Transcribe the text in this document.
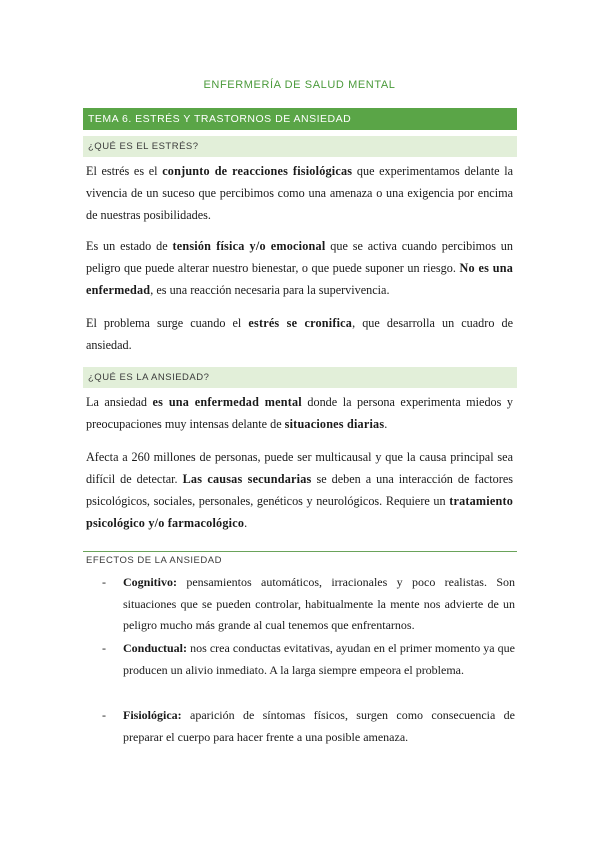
ENFERMERÍA DE SALUD MENTAL
TEMA 6. ESTRÉS Y TRASTORNOS DE ANSIEDAD
¿QUÉ ES EL ESTRÉS?

El estrés es el conjunto de reacciones fisiológicas que experimentamos delante la vivencia de un suceso que percibimos como una amenaza o una exigencia por encima de nuestras posibilidades.

Es un estado de tensión física y/o emocional que se activa cuando percibimos un peligro que puede alterar nuestro bienestar, o que puede suponer un riesgo. No es una enfermedad, es una reacción necesaria para la supervivencia.

El problema surge cuando el estrés se cronifica, que desarrolla un cuadro de ansiedad.

¿QUÉ ES LA ANSIEDAD?

La ansiedad es una enfermedad mental donde la persona experimenta miedos y preocupaciones muy intensas delante de situaciones diarias.

Afecta a 260 millones de personas, puede ser multicausal y que la causa principal sea difícil de detectar. Las causas secundarias se deben a una interacción de factores psicológicos, sociales, personales, genéticos y neurológicos. Requiere un tratamiento psicológico y/o farmacológico.

EFECTOS DE LA ANSIEDAD
- Cognitivo: pensamientos automáticos, irracionales y poco realistas. Son situaciones que se pueden controlar, habitualmente la mente nos advierte de un peligro mucho más grande al cual tenemos que enfrentarnos.
- Conductual: nos crea conductas evitativas, ayudan en el primer momento ya que producen un alivio inmediato. A la larga siempre empeora el problema.
- Fisiológica: aparición de síntomas físicos, surgen como consecuencia de preparar el cuerpo para hacer frente a una posible amenaza.
